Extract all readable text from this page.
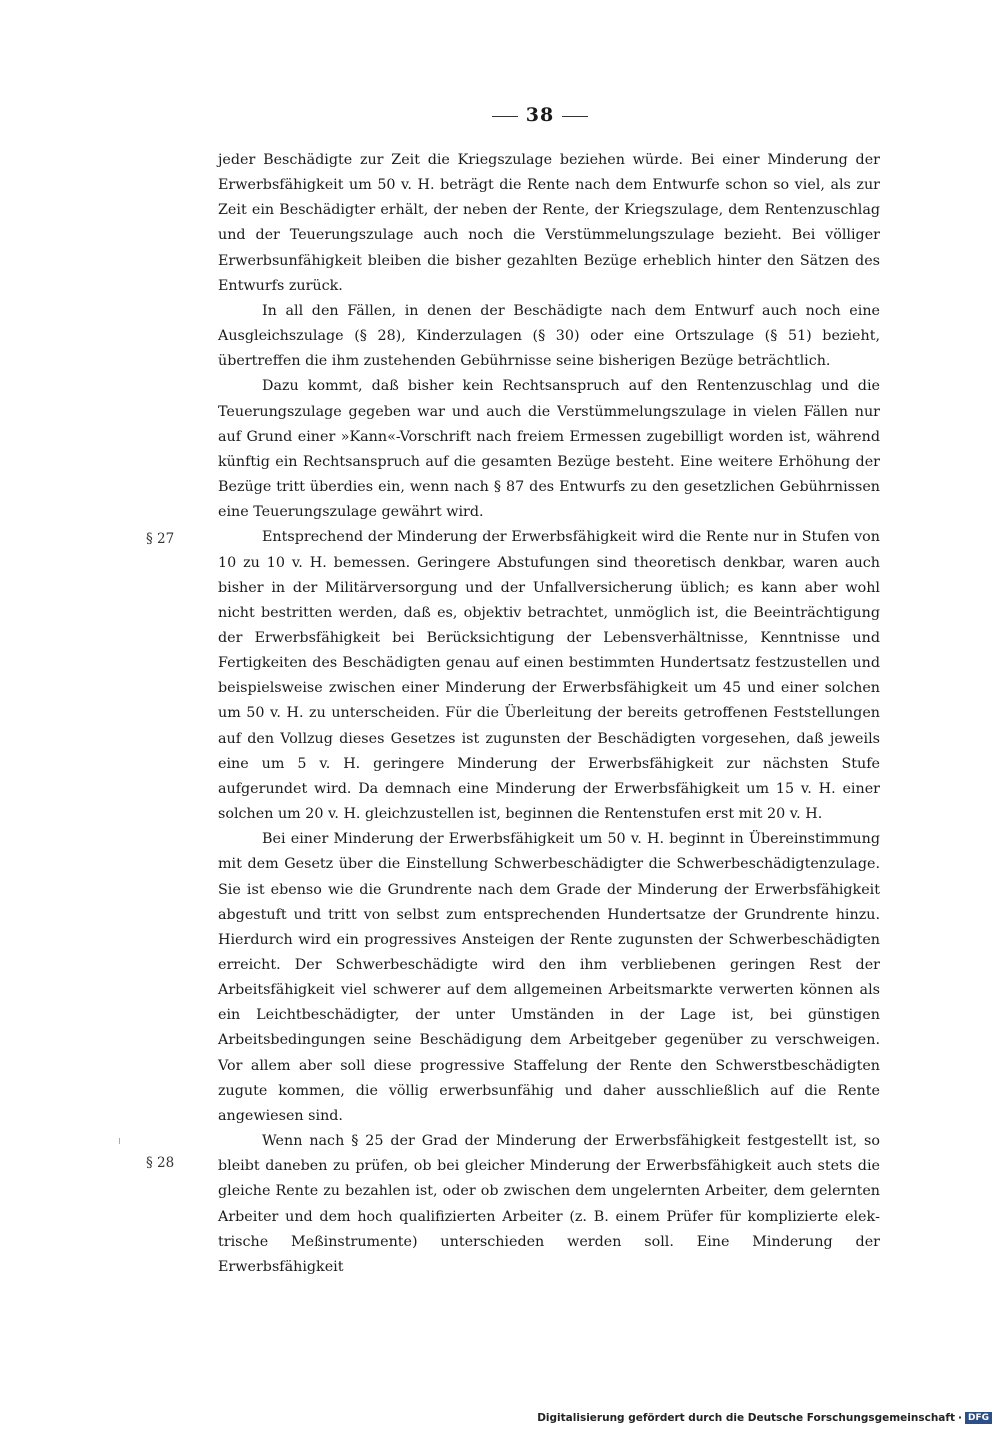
38
§ 27
§ 28

jeder Beschädigte zur Zeit die Kriegszulage beziehen würde. Bei einer Minderung der Erwerbsfähigkeit um 50 v. H. beträgt die Rente nach dem Entwurfe schon so viel, als zur Zeit ein Beschädigter erhält, der neben der Rente, der Kriegszulage, dem Rentenzuschlag und der Teuerungszulage auch noch die Verstümmelungszulage bezieht. Bei völliger Erwerbsunfähigkeit bleiben die bisher gezahlten Bezüge erheblich hinter den Sätzen des Entwurfs zurück.

In all den Fällen, in denen der Beschädigte nach dem Entwurf auch noch eine Ausgleichszulage (§ 28), Kinderzulagen (§ 30) oder eine Ortszulage (§ 51) bezieht, übertreffen die ihm zustehenden Gebührnisse seine bisherigen Bezüge beträchtlich.

Dazu kommt, daß bisher kein Rechtsanspruch auf den Rentenzuschlag und die Teuerungszulage gegeben war und auch die Verstümmelungszulage in vielen Fällen nur auf Grund einer »Kann«-Vorschrift nach freiem Ermessen zugebilligt worden ist, während künftig ein Rechtsanspruch auf die gesamten Bezüge besteht. Eine weitere Erhöhung der Bezüge tritt überdies ein, wenn nach § 87 des Entwurfs zu den gesetzlichen Gebührnissen eine Teuerungszulage gewährt wird.

Entsprechend der Minderung der Erwerbsfähigkeit wird die Rente nur in Stufen von 10 zu 10 v. H. bemessen. Geringere Abstufungen sind theoretisch denkbar, waren auch bisher in der Militärversorgung und der Unfallversicherung üblich; es kann aber wohl nicht bestritten werden, daß es, objektiv betrachtet, unmöglich ist, die Beeinträchtigung der Erwerbsfähigkeit bei Berücksichtigung der Lebensverhältnisse, Kenntnisse und Fertigkeiten des Beschädigten genau auf einen bestimmten Hundertsatz festzustellen und beispielsweise zwischen einer Minderung der Erwerbsfähigkeit um 45 und einer solchen um 50 v. H. zu unterscheiden. Für die Überleitung der bereits getroffenen Feststellungen auf den Vollzug dieses Gesetzes ist zugunsten der Beschädigten vorgesehen, daß jeweils eine um 5 v. H. geringere Minderung der Erwerbsfähigkeit zur nächsten Stufe aufgerundet wird. Da demnach eine Minderung der Erwerbsfähigkeit um 15 v. H. einer solchen um 20 v. H. gleichzustellen ist, beginnen die Rentenstufen erst mit 20 v. H.

Bei einer Minderung der Erwerbsfähigkeit um 50 v. H. beginnt in Übereinstimmung mit dem Gesetz über die Einstellung Schwerbeschädigter die Schwerbeschädigtenzulage. Sie ist ebenso wie die Grundrente nach dem Grade der Minderung der Erwerbsfähigkeit abgestuft und tritt von selbst zum entsprechenden Hundertsatze der Grundrente hinzu. Hierdurch wird ein progressives Ansteigen der Rente zugunsten der Schwerbeschädigten erreicht. Der Schwerbeschädigte wird den ihm verbliebenen geringen Rest der Arbeitsfähigkeit viel schwerer auf dem allgemeinen Arbeitsmarkte verwerten können als ein Leichtbeschädigter, der unter Umständen in der Lage ist, bei günstigen Arbeitsbedingungen seine Beschädigung dem Arbeitgeber gegenüber zu verschweigen. Vor allem aber soll diese progressive Staffelung der Rente den Schwerstbeschädigten zugute kommen, die völlig erwerbsunfähig und daher ausschließlich auf die Rente angewiesen sind.

Wenn nach § 25 der Grad der Minderung der Erwerbsfähigkeit festgestellt ist, so bleibt daneben zu prüfen, ob bei gleicher Minderung der Erwerbsfähigkeit auch stets die gleiche Rente zu bezahlen ist, oder ob zwischen dem ungelernten Arbeiter, dem gelernten Arbeiter und dem hoch qualifizierten Arbeiter (z. B. einem Prüfer für komplizierte elektrische Meßinstrumente) unterschieden werden soll. Eine Minderung der Erwerbsfähigkeit

Digitalisierung gefördert durch die Deutsche Forschungsgemeinschaft · DFG
